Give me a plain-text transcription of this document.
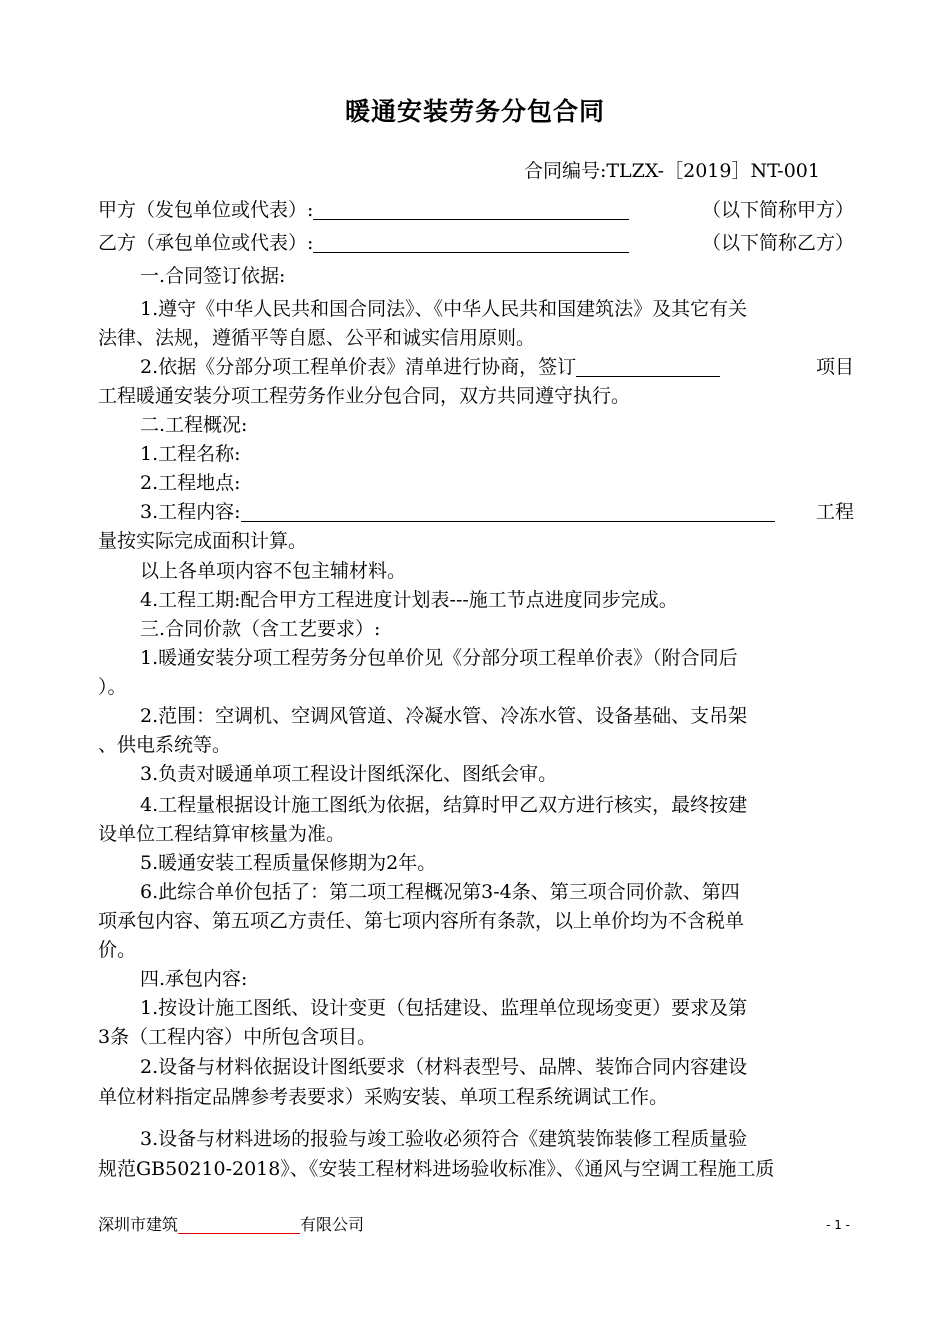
暖通安装劳务分包合同
合同编号:TLZX-［2019］NT-001
甲方（发包单位或代表）:	（以下简称甲方）
乙方（承包单位或代表）:	（以下简称乙方）
一.合同签订依据:
1.遵守《中华人民共和国合同法》、《中华人民共和国建筑法》及其它有关
法律、法规，遵循平等自愿、公平和诚实信用原则。
2.依据《分部分项工程单价表》清单进行协商，签订	项目
工程暖通安装分项工程劳务作业分包合同，双方共同遵守执行。
二.工程概况:
1.工程名称:
2.工程地点:
3.工程内容:	工程
量按实际完成面积计算。
以上各单项内容不包主辅材料。
4.工程工期:配合甲方工程进度计划表---施工节点进度同步完成。
三.合同价款（含工艺要求）:
1.暖通安装分项工程劳务分包单价见《分部分项工程单价表》（附合同后
）。
2.范围：空调机、空调风管道、冷凝水管、冷冻水管、设备基础、支吊架
、供电系统等。
3.负责对暖通单项工程设计图纸深化、图纸会审。
4.工程量根据设计施工图纸为依据，结算时甲乙双方进行核实，最终按建
设单位工程结算审核量为准。
5.暖通安装工程质量保修期为2年。
6.此综合单价包括了：第二项工程概况第3-4条、第三项合同价款、第四
项承包内容、第五项乙方责任、第七项内容所有条款，以上单价均为不含税单
价。
四.承包内容:
1.按设计施工图纸、设计变更（包括建设、监理单位现场变更）要求及第
3条（工程内容）中所包含项目。
2.设备与材料依据设计图纸要求（材料表型号、品牌、装饰合同内容建设
单位材料指定品牌参考表要求）采购安装、单项工程系统调试工作。
3.设备与材料进场的报验与竣工验收必须符合《建筑装饰装修工程质量验
规范GB50210-2018》、《安装工程材料进场验收标准》、《通风与空调工程施工质
深圳市建筑	有限公司	- 1 -
